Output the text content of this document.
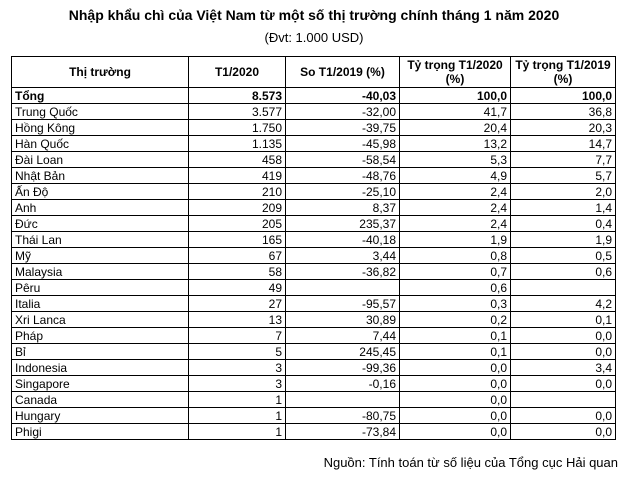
Nhập khẩu chì của Việt Nam từ một số thị trường chính tháng 1 năm 2020
(Đvt: 1.000 USD)
Thị trường	T1/2020	So T1/2019 (%)	Tỷ trọng T1/2020 (%)	Tỷ trọng T1/2019 (%)
Tổng	8.573	-40,03	100,0	100,0
Trung Quốc	3.577	-32,00	41,7	36,8
Hồng Kông	1.750	-39,75	20,4	20,3
Hàn Quốc	1.135	-45,98	13,2	14,7
Đài Loan	458	-58,54	5,3	7,7
Nhật Bản	419	-48,76	4,9	5,7
Ấn Độ	210	-25,10	2,4	2,0
Anh	209	8,37	2,4	1,4
Đức	205	235,37	2,4	0,4
Thái Lan	165	-40,18	1,9	1,9
Mỹ	67	3,44	0,8	0,5
Malaysia	58	-36,82	0,7	0,6
Pêru	49		0,6	
Italia	27	-95,57	0,3	4,2
Xri Lanca	13	30,89	0,2	0,1
Pháp	7	7,44	0,1	0,0
Bỉ	5	245,45	0,1	0,0
Indonesia	3	-99,36	0,0	3,4
Singapore	3	-0,16	0,0	0,0
Canada	1		0,0	
Hungary	1	-80,75	0,0	0,0
Phigi	1	-73,84	0,0	0,0
Nguồn: Tính toán từ số liệu của Tổng cục Hải quan
